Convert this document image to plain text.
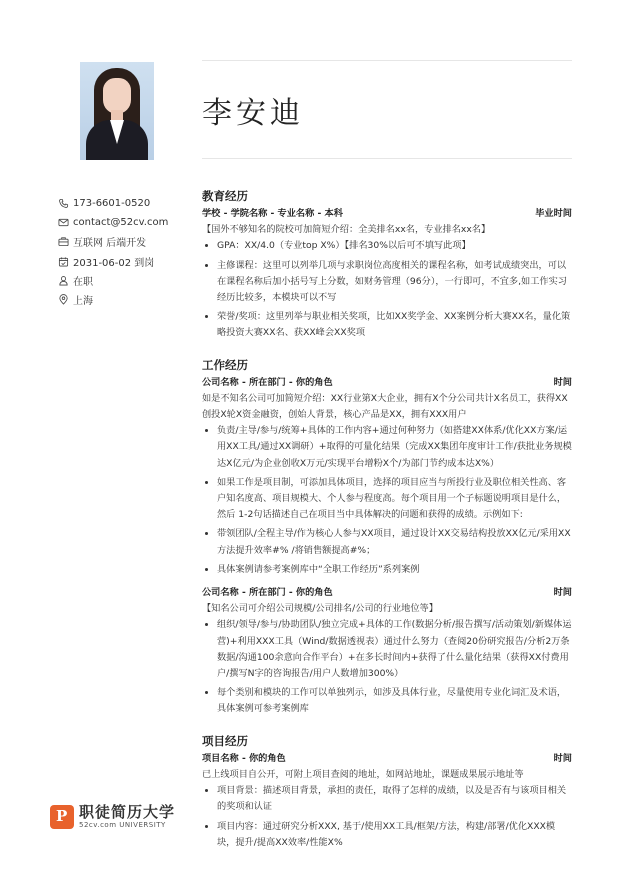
李安迪
173-6601-0520
contact@52cv.com
互联网 后端开发
2031-06-02 到岗
在职
上海
P 职徒简历大学
52cv.com UNIVERSITY
教育经历
学校 - 学院名称 - 专业名称 - 本科	毕业时间
【国外不够知名的院校可加简短介绍：全美排名xx名，专业排名xx名】
• GPA：XX/4.0（专业top X%）【排名30%以后可不填写此项】
• 主修课程：这里可以列举几项与求职岗位高度相关的课程名称，如考试成绩突出，可以在课程名称后加小括号写上分数，如财务管理（96分），一行即可，不宜多,如工作实习经历比较多，本模块可以不写
• 荣誉/奖项：这里列举与职业相关奖项，比如XX奖学金、XX案例分析大赛XX名，量化策略投资大赛XX名、获XX峰会XX奖项
工作经历
公司名称 - 所在部门 - 你的角色	时间
如是不知名公司可加简短介绍：XX行业第X大企业，拥有X个分公司共计X名员工，获得XX创投X轮X资金融资，创始人背景，核心产品是XX，拥有XXX用户
• 负责/主导/参与/统筹+具体的工作内容+通过何种努力（如搭建XX体系/优化XX方案/运用XX工具/通过XX调研）+取得的可量化结果（完成XX集团年度审计工作/获批业务规模达X亿元/为企业创收X万元/实现平台增粉X个/为部门节约成本达X%）
• 如果工作是项目制，可添加具体项目，选择的项目应当与所投行业及职位相关性高、客户知名度高、项目规模大、个人参与程度高。每个项目用一个子标题说明项目是什么，然后 1-2句话描述自己在项目当中具体解决的问题和获得的成绩。示例如下:
• 带领团队/全程主导/作为核心人参与XX项目，通过设计XX交易结构投放XX亿元/采用XX方法提升效率#% /将销售额提高#%；
• 具体案例请参考案例库中“全职工作经历”系列案例
公司名称 - 所在部门 - 你的角色	时间
【知名公司可介绍公司规模/公司排名/公司的行业地位等】
• 组织/领导/参与/协助团队/独立完成+具体的工作(数据分析/报告撰写/活动策划/新媒体运营)+利用XXX工具（Wind/数据透视表）通过什么努力（查阅20份研究报告/分析2万条数据/沟通100余意向合作平台）+在多长时间内+获得了什么量化结果（获得XX付费用户/撰写N字的咨询报告/用户人数增加300%）
• 每个类别和模块的工作可以单独列示，如涉及具体行业，尽量使用专业化词汇及术语，具体案例可参考案例库
项目经历
项目名称 - 你的角色	时间
已上线项目自公开，可附上项目查阅的地址，如网站地址，课题成果展示地址等
• 项目背景：描述项目背景，承担的责任，取得了怎样的成绩，以及是否有与该项目相关的奖项和认证
• 项目内容：通过研究分析XXX, 基于/使用XX工具/框架/方法，构建/部署/优化XXX模块，提升/提高XX效率/性能X%
